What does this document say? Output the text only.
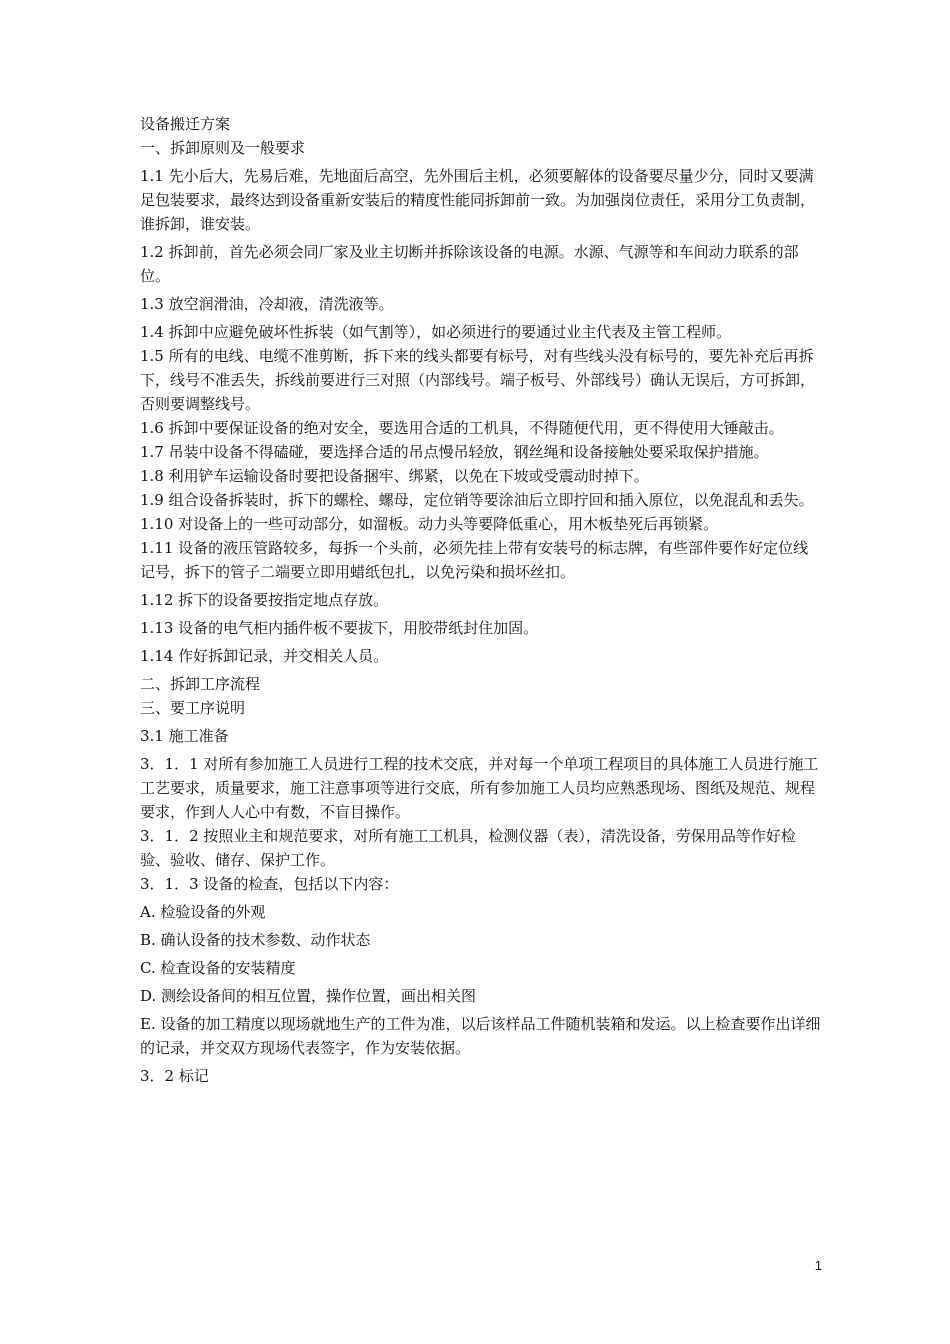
设备搬迁方案

一、拆卸原则及一般要求

1.1 先小后大，先易后难，先地面后高空，先外围后主机，必须要解体的设备要尽量少分，同时又要满足包装要求，最终达到设备重新安装后的精度性能同拆卸前一致。为加强岗位责任，采用分工负责制，谁拆卸，谁安装。

1.2 拆卸前，首先必须会同厂家及业主切断并拆除该设备的电源。水源、气源等和车间动力联系的部位。

1.3 放空润滑油，冷却液，清洗液等。

1.4 拆卸中应避免破坏性拆装（如气割等），如必须进行的要通过业主代表及主管工程师。

1.5 所有的电线、电缆不准剪断，拆下来的线头都要有标号，对有些线头没有标号的，要先补充后再拆下，线号不准丢失，拆线前要进行三对照（内部线号。端子板号、外部线号）确认无误后，方可拆卸，否则要调整线号。

1.6 拆卸中要保证设备的绝对安全，要选用合适的工机具，不得随便代用，更不得使用大锤敲击。

1.7 吊装中设备不得磕碰，要选择合适的吊点慢吊轻放，钢丝绳和设备接触处要采取保护措施。

1.8 利用铲车运输设备时要把设备捆牢、绑紧，以免在下坡或受震动时掉下。

1.9 组合设备拆装时，拆下的螺栓、螺母，定位销等要涂油后立即拧回和插入原位，以免混乱和丢失。

1.10 对设备上的一些可动部分，如溜板。动力头等要降低重心，用木板垫死后再锁紧。

1.11 设备的液压管路较多，每拆一个头前，必须先挂上带有安装号的标志牌，有些部件要作好定位线记号，拆下的管子二端要立即用蜡纸包扎，以免污染和损坏丝扣。

1.12 拆下的设备要按指定地点存放。

1.13 设备的电气柜内插件板不要拔下，用胶带纸封住加固。

1.14 作好拆卸记录，并交相关人员。

二、拆卸工序流程

三、要工序说明

3.1 施工准备

3．1．1 对所有参加施工人员进行工程的技术交底，并对每一个单项工程项目的具体施工人员进行施工工艺要求，质量要求，施工注意事项等进行交底，所有参加施工人员均应熟悉现场、图纸及规范、规程要求，作到人人心中有数，不盲目操作。

3．1．2 按照业主和规范要求，对所有施工工机具，检测仪器（表），清洗设备，劳保用品等作好检验、验收、储存、保护工作。

3．1．3 设备的检查，包括以下内容：

A. 检验设备的外观

B. 确认设备的技术参数、动作状态

C. 检查设备的安装精度

D. 测绘设备间的相互位置，操作位置，画出相关图

E. 设备的加工精度以现场就地生产的工件为准，以后该样品工件随机装箱和发运。以上检查要作出详细的记录，并交双方现场代表签字，作为安装依据。

3．2 标记

1
